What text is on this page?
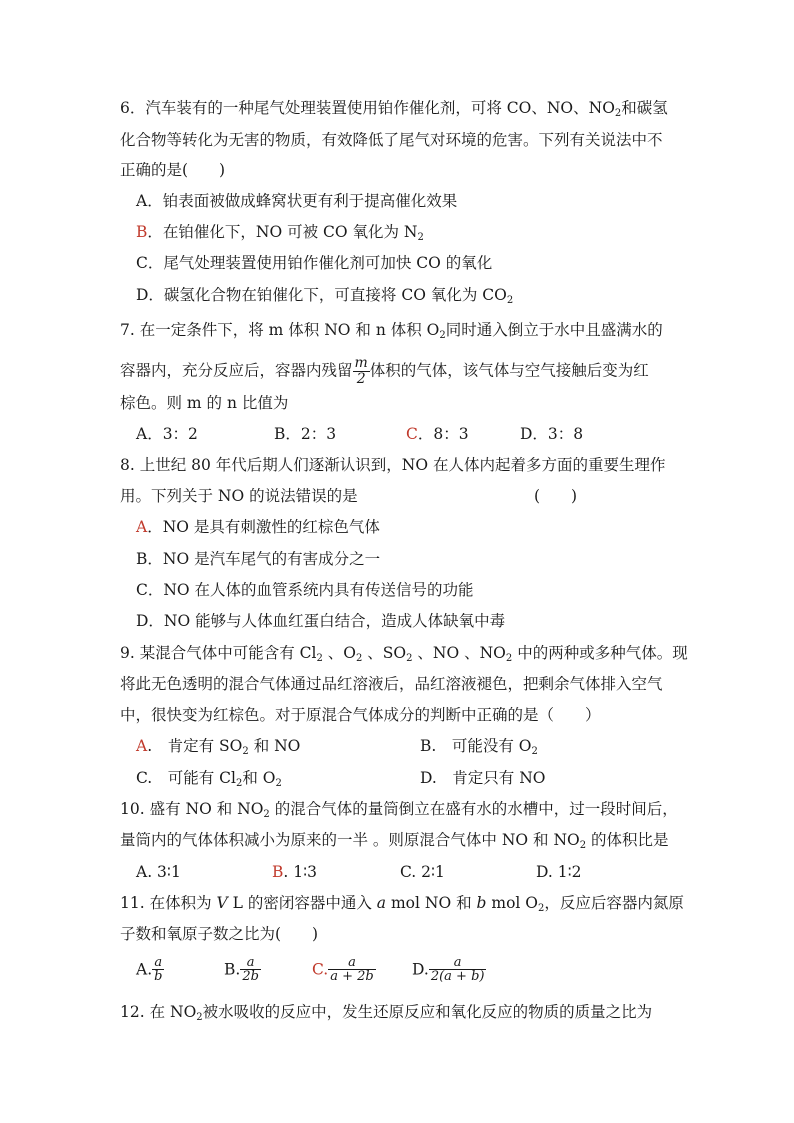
6．汽车装有的一种尾气处理装置使用铂作催化剂，可将 CO、NO、$NO_2$和碳氢
化合物等转化为无害的物质，有效降低了尾气对环境的危害。下列有关说法中不
正确的是(　　)
A．铂表面被做成蜂窝状更有利于提高催化效果
B．在铂催化下，NO 可被 CO 氧化为 $N_2$
C．尾气处理装置使用铂作催化剂可加快 CO 的氧化
D．碳氢化合物在铂催化下，可直接将 CO 氧化为 $CO_2$
7. 在一定条件下，将 m 体积 NO 和 n 体积 $O_2$同时通入倒立于水中且盛满水的
容器内，充分反应后，容器内残留 $\frac{m}{2}$ 体积的气体，该气体与空气接触后变为红
棕色。则 m 的 n 比值为
A．3：2	B．2：3	C．8：3	D．3：8
8. 上世纪 80 年代后期人们逐渐认识到，NO 在人体内起着多方面的重要生理作
用。下列关于 NO 的说法错误的是	(　　)
A．NO 是具有刺激性的红棕色气体
B．NO 是汽车尾气的有害成分之一
C．NO 在人体的血管系统内具有传送信号的功能
D．NO 能够与人体血红蛋白结合，造成人体缺氧中毒
9. 某混合气体中可能含有 $Cl_2$ 、$O_2$ 、$SO_2$ 、NO 、$NO_2$ 中的两种或多种气体。现
将此无色透明的混合气体通过品红溶液后，品红溶液褪色，把剩余气体排入空气
中，很快变为红棕色。对于原混合气体成分的判断中正确的是（　　）
A.　肯定有 $SO_2$ 和 NO	B.　可能没有 $O_2$
C.　可能有 $Cl_2$和 $O_2$	D.　肯定只有 NO
10. 盛有 NO 和 $NO_2$ 的混合气体的量筒倒立在盛有水的水槽中，过一段时间后，
量筒内的气体体积减小为原来的一半 。则原混合气体中 NO 和 $NO_2$ 的体积比是
A. 3∶1	B. 1∶3	C. 2∶1	D. 1∶2
11. 在体积为 V L 的密闭容器中通入 a mol NO 和 b mol $O_2$，反应后容器内氮原
子数和氧原子数之比为(　　)
A. $\frac{a}{b}$	B. $\frac{a}{2b}$	C. $\frac{a}{a + 2b} D$. $\frac{a}{2(a + b)}$
12. 在 $NO_2$被水吸收的反应中，发生还原反应和氧化反应的物质的质量之比为
